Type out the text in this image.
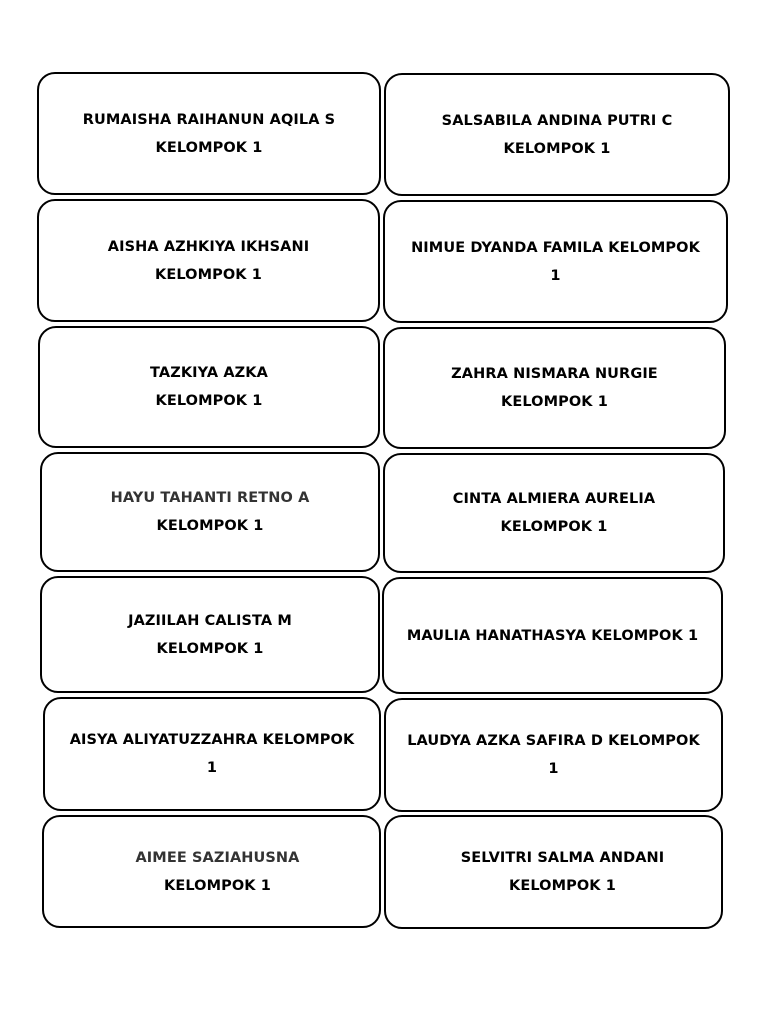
RUMAISHA RAIHANUN AQILA S
KELOMPOK 1
SALSABILA ANDINA PUTRI C
KELOMPOK 1
AISHA AZHKIYA IKHSANI
KELOMPOK 1
NIMUE DYANDA FAMILA KELOMPOK
1
TAZKIYA AZKA
KELOMPOK 1
ZAHRA NISMARA NURGIE
KELOMPOK 1
HAYU TAHANTI RETNO A
KELOMPOK 1
CINTA ALMIERA AURELIA
KELOMPOK 1
JAZIILAH CALISTA M
KELOMPOK 1
MAULIA HANATHASYA KELOMPOK 1
AISYA ALIYATUZZAHRA KELOMPOK
1
LAUDYA AZKA SAFIRA D KELOMPOK
1
AIMEE SAZIAHUSNA
KELOMPOK 1
SELVITRI SALMA ANDANI
KELOMPOK 1
